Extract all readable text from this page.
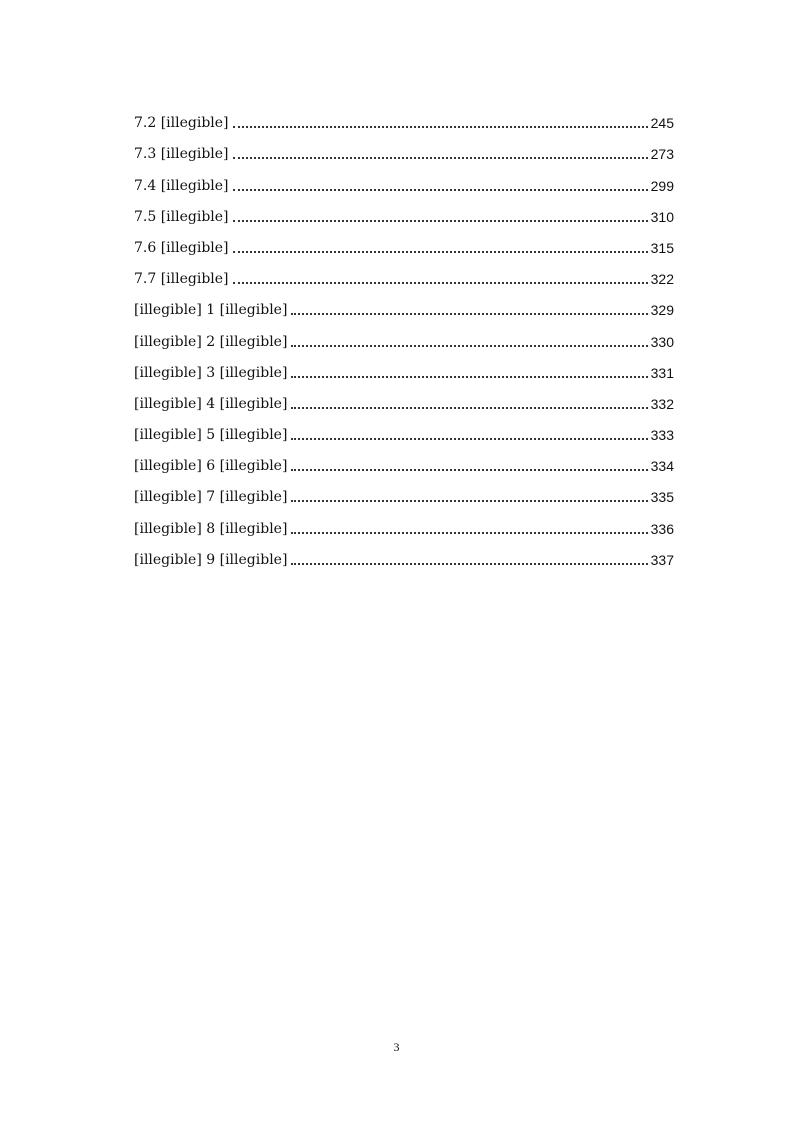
7.2 [illegible]	245
7.3 [illegible]	273
7.4 [illegible]	299
7.5 [illegible]	310
7.6 [illegible]	315
7.7 [illegible]	322
[illegible] 1 [illegible]	329
[illegible] 2 [illegible]	330
[illegible] 3 [illegible]	331
[illegible] 4 [illegible]	332
[illegible] 5 [illegible]	333
[illegible] 6 [illegible]	334
[illegible] 7 [illegible]	335
[illegible] 8 [illegible]	336
[illegible] 9 [illegible]	337
3
